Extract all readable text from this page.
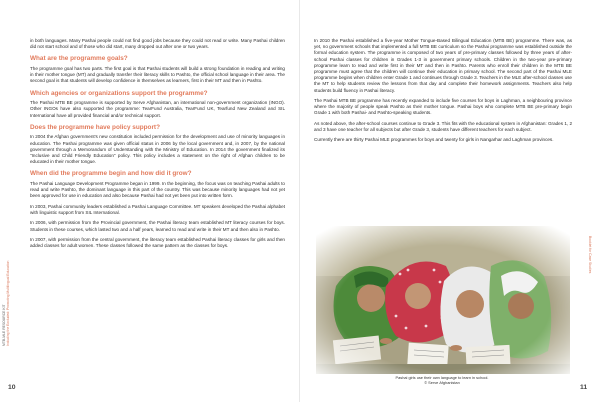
in both languages. Many Pashai people could not find good jobs because they could not read or write. Many Pashai children did not start school and of those who did start, many dropped out after one or two years.

What are the programme goals?

The programme goal has two parts. The first goal is that Pashai students will build a strong foundation in reading and writing in their mother tongue (MT) and gradually transfer their literacy skills to Pashto, the official school language in their area. The second goal is that students will develop confidence in themselves as learners, first in their MT and then in Pashto.

Which agencies or organizations support the programme?

The Pashai MTB BE programme is supported by Serve Afghanistan, an international non-government organization (INGO). Other INGOs have also supported the programme: TearFund Australia, TearFund UK, Tearfund New Zealand and SIL International have all provided financial and/or technical support.

Does the programme have policy support?

In 2004 the Afghan government's new constitution included permission for the development and use of minority languages in education. The Pashai programme was given official status in 2006 by the local government and, in 2007, by the national government through a Memorandum of Understanding with the Ministry of Education. In 2014 the government finalized its "Inclusive and Child Friendly Education" policy. This policy includes a statement on the right of Afghan children to be educated in their mother tongue.

When did the programme begin and how did it grow?

The Pashai Language Development Programme began in 1999. In the beginning, the focus was on teaching Pashai adults to read and write Pashto, the dominant language in this part of the country. This was because minority languages had not yet been approved for use in education and also because Pashai had not yet been put into written form.

In 2003, Pashai community leaders established a Pashai Language Committee. MT speakers developed the Pashai alphabet with linguistic support from SIL International.

In 2006, with permission from the Provincial government, the Pashai literacy team established MT literacy courses for boys. Students in these courses, which lasted two and a half years, learned to read and write in their MT and then also in Pashto.

In 2007, with permission from the central government, the literacy team established Pashai literacy classes for girls and then added classes for adult women. These classes followed the same pattern as the classes for boys.

MTB-MLE RESOURCE KIT Including the Excluded: Promoting Multilingual Education
10

In 2010 the Pashai established a five-year Mother Tongue-Based Bilingual Education (MTB BE) programme. There was, as yet, no government schools that implemented a full MTB BE curriculum so the Pashai programme was established outside the formal education system. The programme is composed of two years of pre-primary classes followed by three years of after-school Pashai classes for children in Grades 1-3 in government primary schools. Children in the two-year pre-primary programme learn to read and write first in their MT and then in Pashto. Parents who enroll their children in the MTB BE programme must agree that the children will continue their education in primary school. The second part of the Pashai MLE programme begins when children enter Grade 1 and continues through Grade 3. Teachers in the MLE after-school classes use the MT to help students review the lessons from that day and complete their homework assignments. Teachers also help students build fluency in Pashai literacy.

The Pashai MTB BE programme has recently expanded to include five courses for boys in Laghman, a neighbouring province where the majority of people speak Pashto as their mother tongue. Pashai boys who complete MTB BE pre-primary begin Grade 1 with both Pashai- and Pashto-speaking students.

As noted above, the after-school courses continue to Grade 3. This fits with the educational system in Afghanistan: Grades 1, 2 and 3 have one teacher for all subjects but after Grade 3, students have different teachers for each subject.

Currently there are thirty Pashai MLE programmes for boys and twenty for girls in Nangarhar and Laghman provinces.

Pashai girls use their own language to learn in school.
© Serve Afghanistan
Booklet for Case Studies
11
